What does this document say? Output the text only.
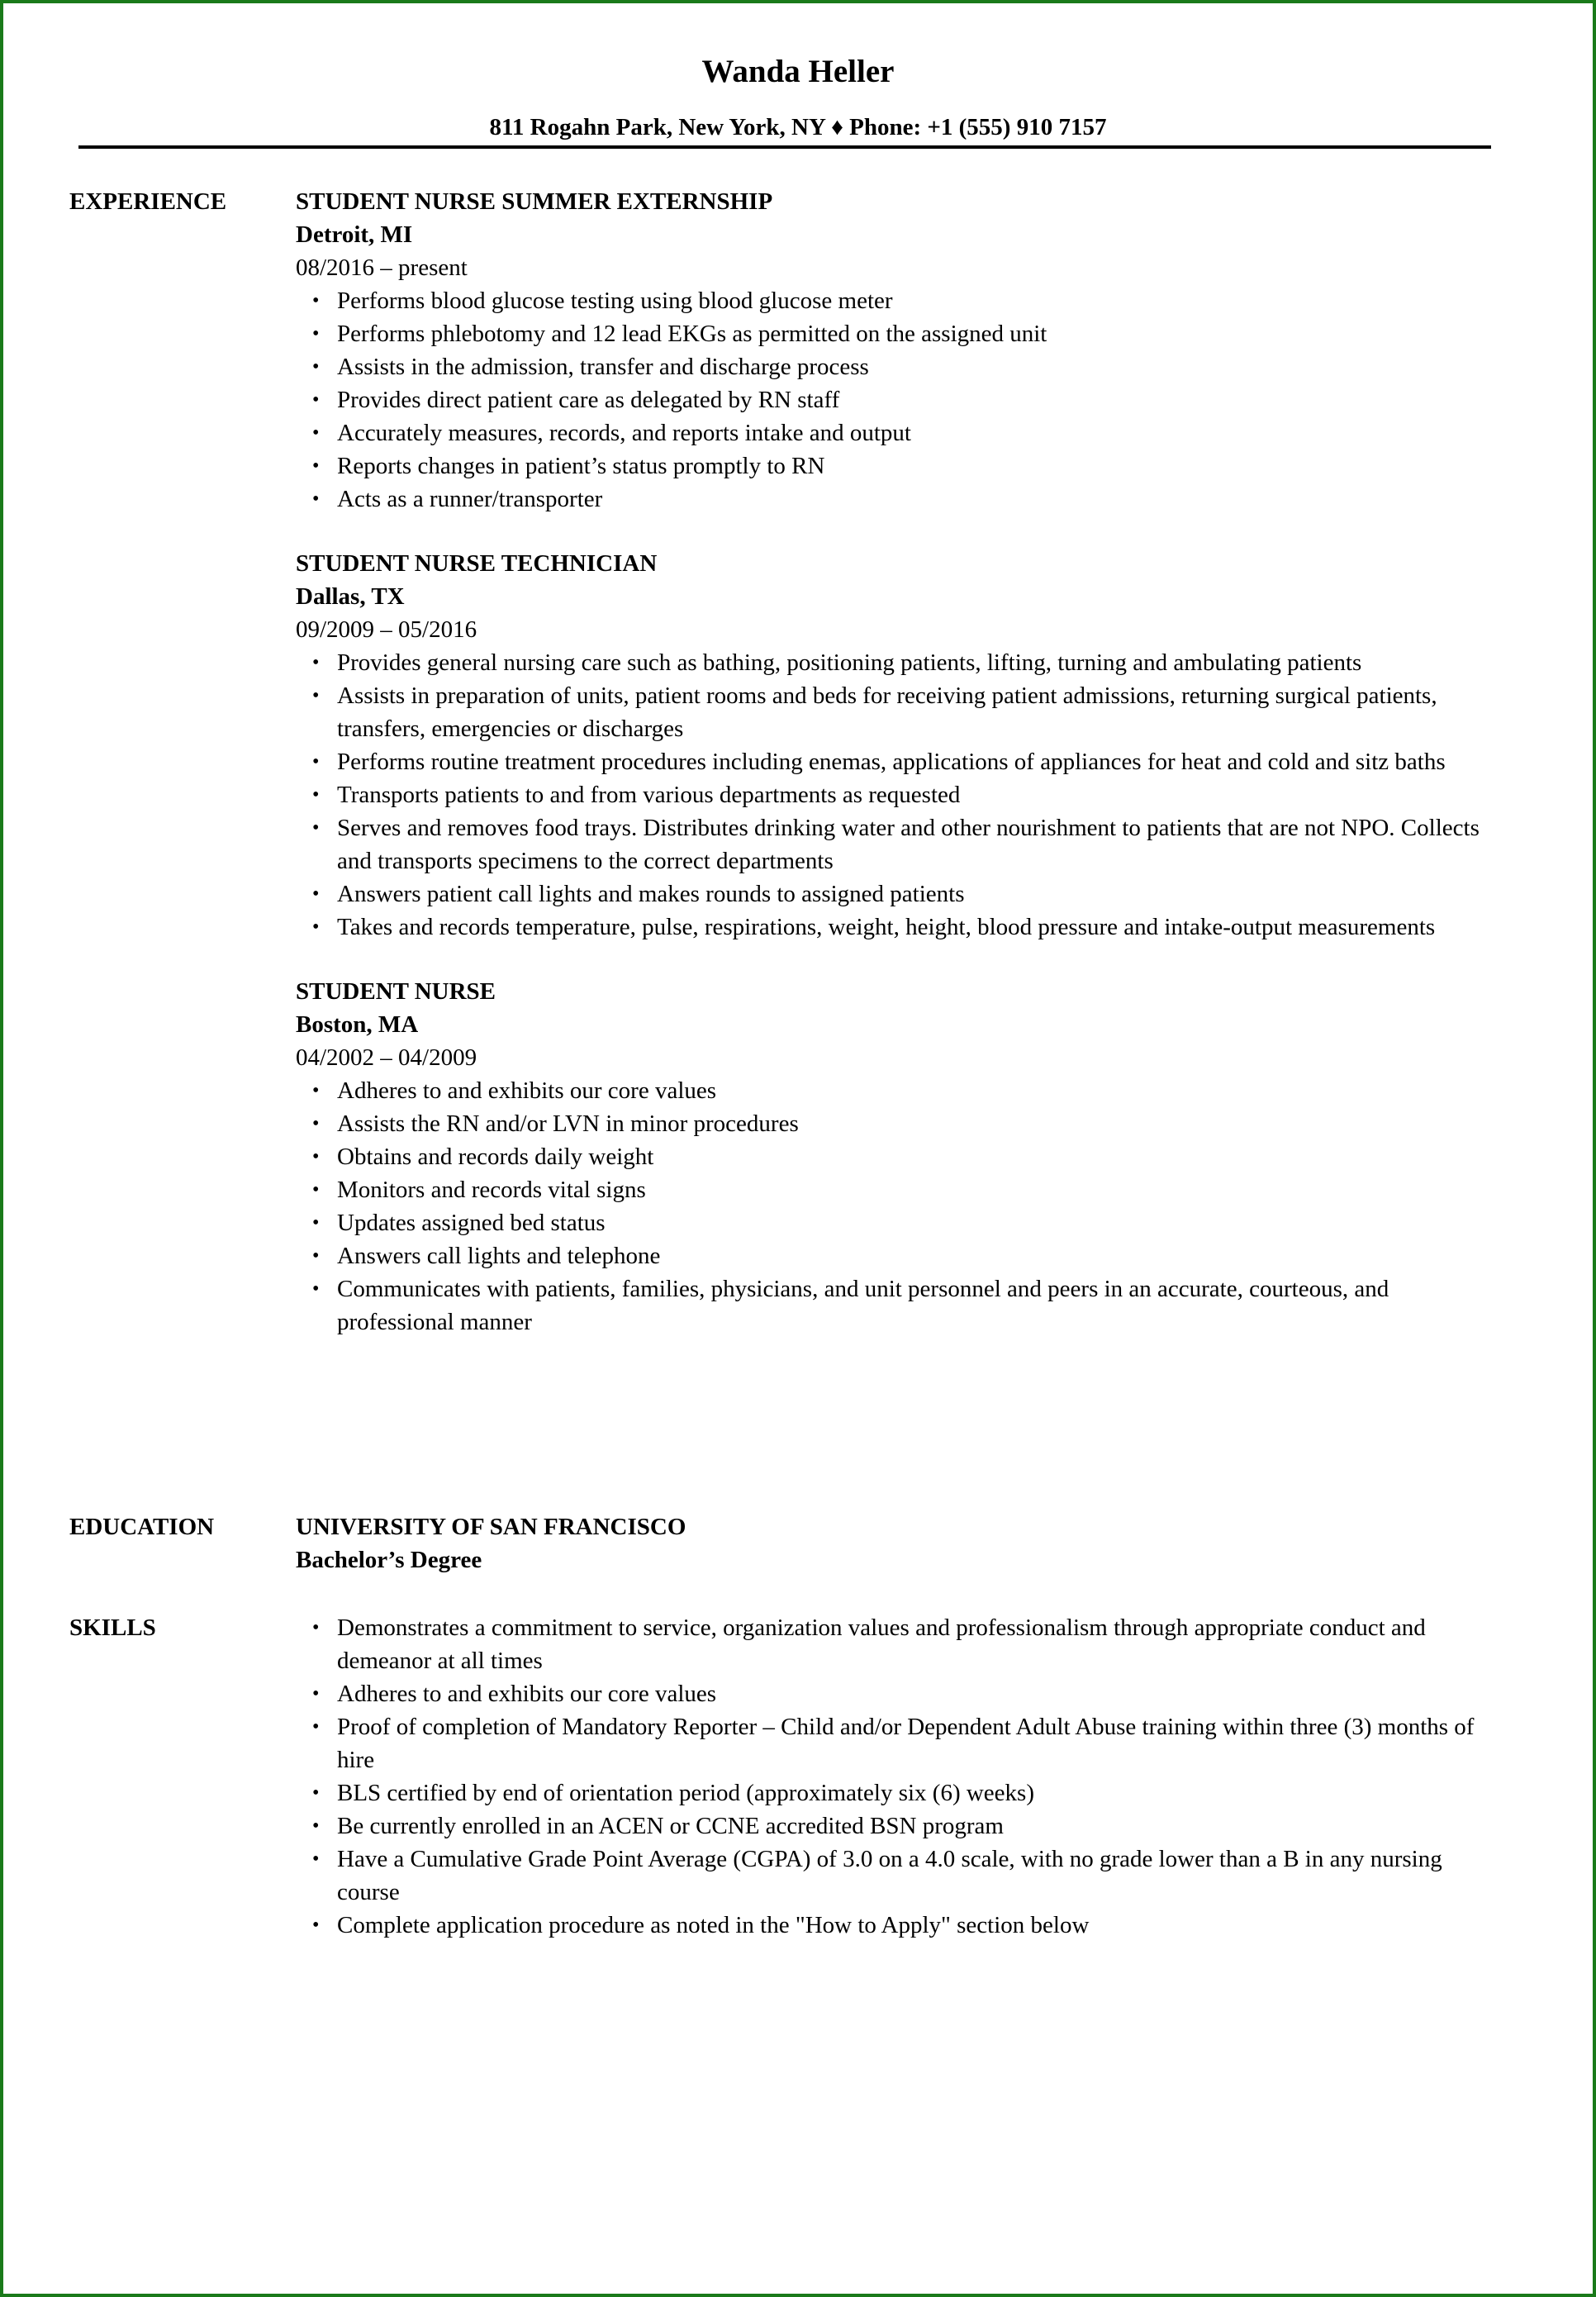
Wanda Heller
811 Rogahn Park, New York, NY ♦ Phone: +1 (555) 910 7157
EXPERIENCE	STUDENT NURSE SUMMER EXTERNSHIP
Detroit, MI
08/2016 – present
• Performs blood glucose testing using blood glucose meter
• Performs phlebotomy and 12 lead EKGs as permitted on the assigned unit
• Assists in the admission, transfer and discharge process
• Provides direct patient care as delegated by RN staff
• Accurately measures, records, and reports intake and output
• Reports changes in patient’s status promptly to RN
• Acts as a runner/transporter
STUDENT NURSE TECHNICIAN
Dallas, TX
09/2009 – 05/2016
• Provides general nursing care such as bathing, positioning patients, lifting, turning and ambulating patients
• Assists in preparation of units, patient rooms and beds for receiving patient admissions, returning surgical patients, transfers, emergencies or discharges
• Performs routine treatment procedures including enemas, applications of appliances for heat and cold and sitz baths
• Transports patients to and from various departments as requested
• Serves and removes food trays. Distributes drinking water and other nourishment to patients that are not NPO. Collects and transports specimens to the correct departments
• Answers patient call lights and makes rounds to assigned patients
• Takes and records temperature, pulse, respirations, weight, height, blood pressure and intake-output measurements
STUDENT NURSE
Boston, MA
04/2002 – 04/2009
• Adheres to and exhibits our core values
• Assists the RN and/or LVN in minor procedures
• Obtains and records daily weight
• Monitors and records vital signs
• Updates assigned bed status
• Answers call lights and telephone
• Communicates with patients, families, physicians, and unit personnel and peers in an accurate, courteous, and professional manner
EDUCATION	UNIVERSITY OF SAN FRANCISCO
Bachelor’s Degree
SKILLS	• Demonstrates a commitment to service, organization values and professionalism through appropriate conduct and demeanor at all times
• Adheres to and exhibits our core values
• Proof of completion of Mandatory Reporter – Child and/or Dependent Adult Abuse training within three (3) months of hire
• BLS certified by end of orientation period (approximately six (6) weeks)
• Be currently enrolled in an ACEN or CCNE accredited BSN program
• Have a Cumulative Grade Point Average (CGPA) of 3.0 on a 4.0 scale, with no grade lower than a B in any nursing course
• Complete application procedure as noted in the "How to Apply" section below
